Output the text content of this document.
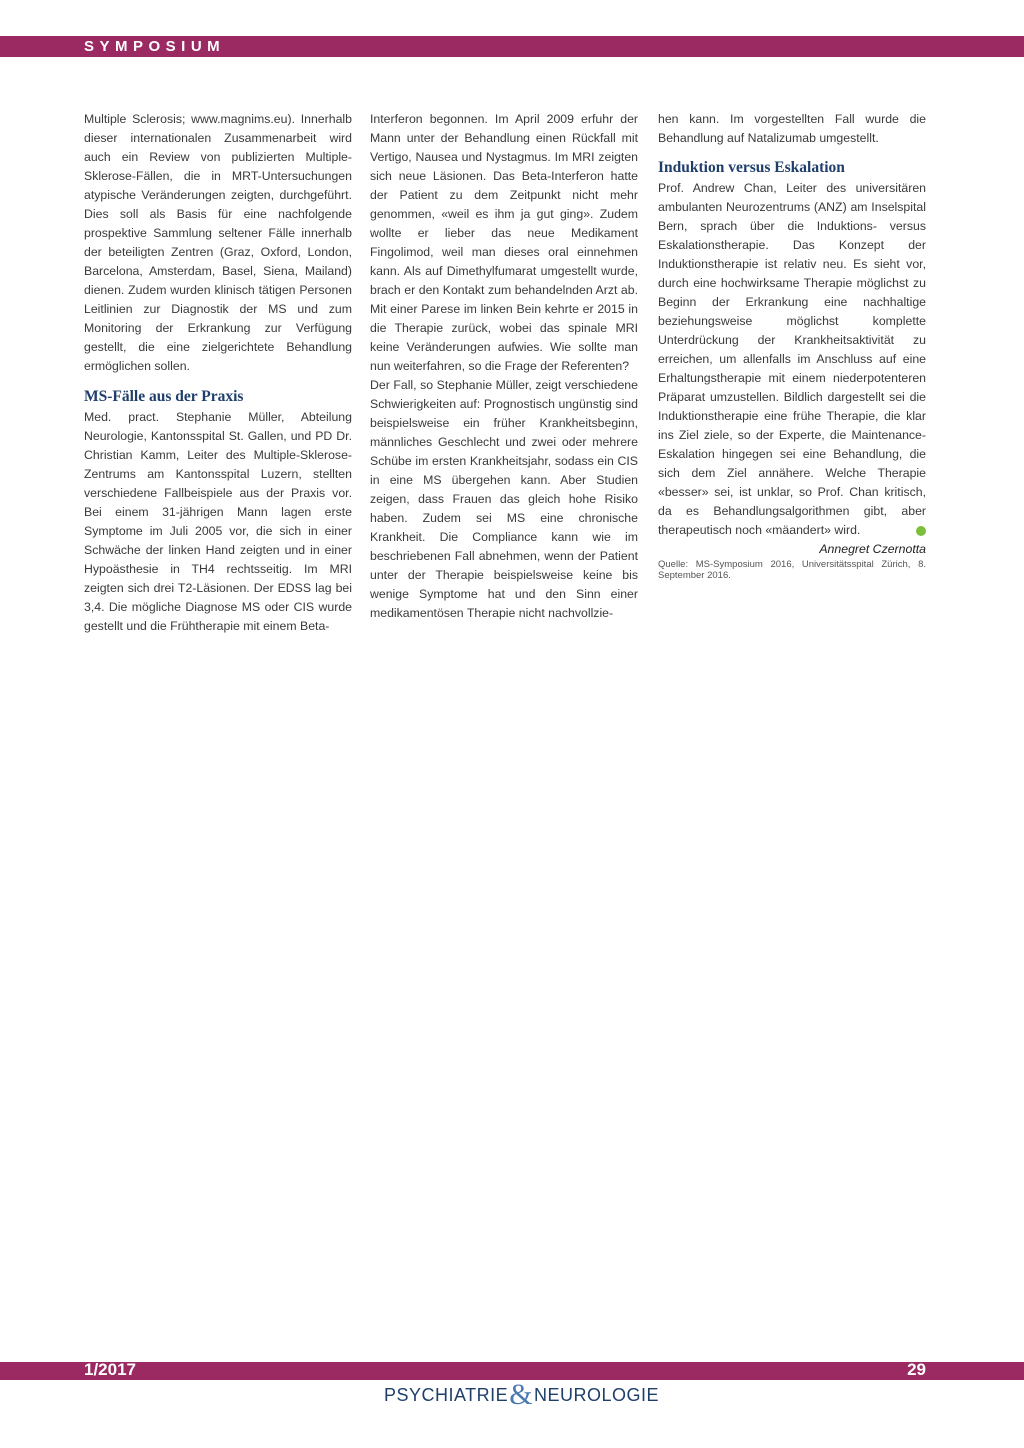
SYMPOSIUM

Multiple Sclerosis; www.magnims.eu). Innerhalb dieser internationalen Zusammenarbeit wird auch ein Review von publizierten Multiple-Sklerose-Fällen, die in MRT-Untersuchungen atypische Veränderungen zeigten, durchgeführt. Dies soll als Basis für eine nachfolgende prospektive Sammlung seltener Fälle innerhalb der beteiligten Zentren (Graz, Oxford, London, Barcelona, Amsterdam, Basel, Siena, Mailand) dienen. Zudem wurden klinisch tätigen Personen Leitlinien zur Diagnostik der MS und zum Monitoring der Erkrankung zur Verfügung gestellt, die eine zielgerichtete Behandlung ermöglichen sollen.

MS-Fälle aus der Praxis

Med. pract. Stephanie Müller, Abteilung Neurologie, Kantonsspital St. Gallen, und PD Dr. Christian Kamm, Leiter des Multiple-Sklerose-Zentrums am Kantonsspital Luzern, stellten verschiedene Fallbeispiele aus der Praxis vor. Bei einem 31-jährigen Mann lagen erste Symptome im Juli 2005 vor, die sich in einer Schwäche der linken Hand zeigten und in einer Hypoästhesie in TH4 rechtsseitig. Im MRI zeigten sich drei T2-Läsionen. Der EDSS lag bei 3,4. Die mögliche Diagnose MS oder CIS wurde gestellt und die Frühtherapie mit einem Beta-

Interferon begonnen. Im April 2009 erfuhr der Mann unter der Behandlung einen Rückfall mit Vertigo, Nausea und Nystagmus. Im MRI zeigten sich neue Läsionen. Das Beta-Interferon hatte der Patient zu dem Zeitpunkt nicht mehr genommen, «weil es ihm ja gut ging». Zudem wollte er lieber das neue Medikament Fingolimod, weil man dieses oral einnehmen kann. Als auf Dimethylfumarat umgestellt wurde, brach er den Kontakt zum behandelnden Arzt ab. Mit einer Parese im linken Bein kehrte er 2015 in die Therapie zurück, wobei das spinale MRI keine Veränderungen aufwies. Wie sollte man nun weiterfahren, so die Frage der Referenten?

Der Fall, so Stephanie Müller, zeigt verschiedene Schwierigkeiten auf: Prognostisch ungünstig sind beispielsweise ein früher Krankheitsbeginn, männliches Geschlecht und zwei oder mehrere Schübe im ersten Krankheitsjahr, sodass ein CIS in eine MS übergehen kann. Aber Studien zeigen, dass Frauen das gleich hohe Risiko haben. Zudem sei MS eine chronische Krankheit. Die Compliance kann wie im beschriebenen Fall abnehmen, wenn der Patient unter der Therapie beispielsweise keine bis wenige Symptome hat und den Sinn einer medikamentösen Therapie nicht nachvollzie-

hen kann. Im vorgestellten Fall wurde die Behandlung auf Natalizumab umgestellt.

Induktion versus Eskalation

Prof. Andrew Chan, Leiter des universitären ambulanten Neurozentrums (ANZ) am Inselspital Bern, sprach über die Induktions- versus Eskalationstherapie. Das Konzept der Induktionstherapie ist relativ neu. Es sieht vor, durch eine hochwirksame Therapie möglichst zu Beginn der Erkrankung eine nachhaltige beziehungsweise möglichst komplette Unterdrückung der Krankheitsaktivität zu erreichen, um allenfalls im Anschluss auf eine Erhaltungstherapie mit einem niederpotenteren Präparat umzustellen. Bildlich dargestellt sei die Induktionstherapie eine frühe Therapie, die klar ins Ziel ziele, so der Experte, die Maintenance-Eskalation hingegen sei eine Behandlung, die sich dem Ziel annähere. Welche Therapie «besser» sei, ist unklar, so Prof. Chan kritisch, da es Behandlungsalgorithmen gibt, aber therapeutisch noch «mäandert» wird.

Annegret Czernotta

Quelle: MS-Symposium 2016, Universitätsspital Zürich, 8. September 2016.

1/2017	29
PSYCHIATRIE&NEUROLOGIE
